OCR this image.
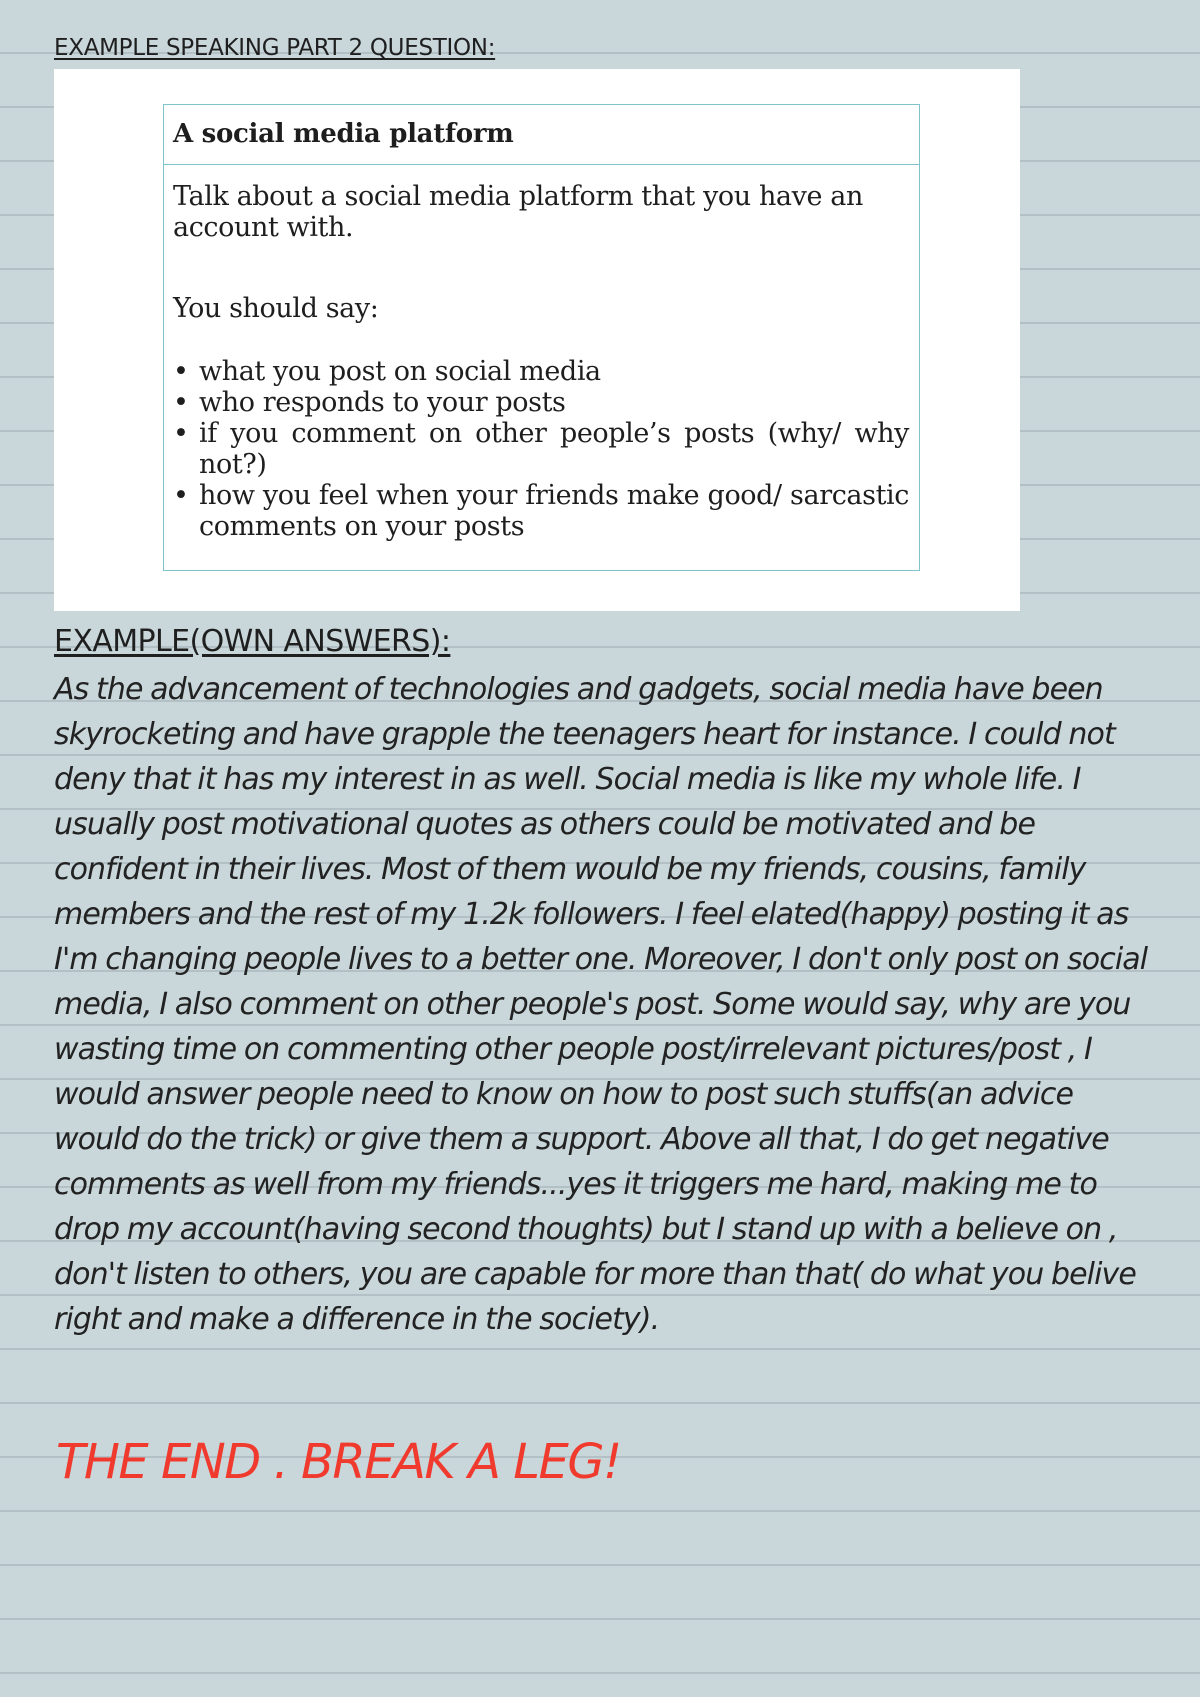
EXAMPLE SPEAKING PART 2 QUESTION:
A social media platform

Talk about a social media platform that you have an account with.

You should say:

• what you post on social media
• who responds to your posts
• if you comment on other people’s posts (why/ why not?)
• how you feel when your friends make good/ sarcastic comments on your posts
EXAMPLE(OWN ANSWERS):

As the advancement of technologies and gadgets, social media have been skyrocketing and have grapple the teenagers heart for instance. I could not deny that it has my interest in as well. Social media is like my whole life. I usually post motivational quotes as others could be motivated and be confident in their lives. Most of them would be my friends, cousins, family members and the rest of my 1.2k followers. I feel elated(happy) posting it as I'm changing people lives to a better one. Moreover, I don't only post on social media, I also comment on other people's post. Some would say, why are you wasting time on commenting other people post/irrelevant pictures/post , I would answer people need to know on how to post such stuffs(an advice would do the trick) or give them a support. Above all that, I do get negative comments as well from my friends...yes it triggers me hard, making me to drop my account(having second thoughts) but I stand up with a believe on , don't listen to others, you are capable for more than that( do what you belive right and make a difference in the society).

THE END . BREAK A LEG!
